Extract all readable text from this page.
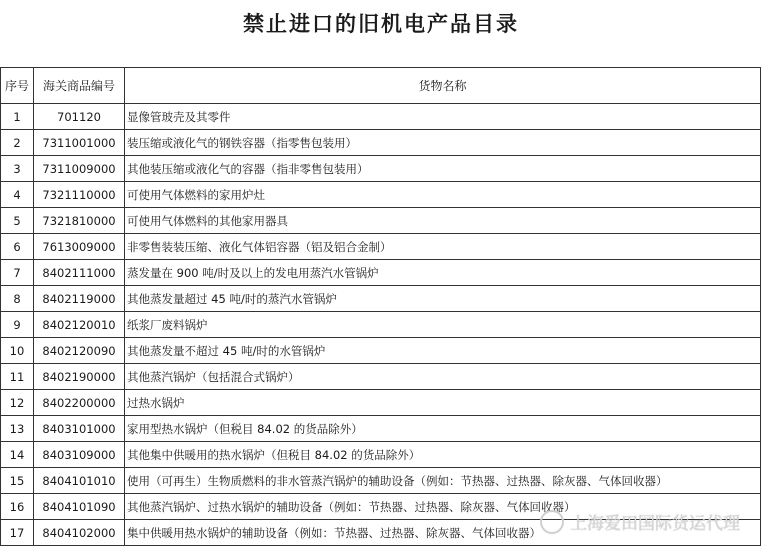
禁止进口的旧机电产品目录
序号	海关商品编号	货物名称
1	701120	显像管玻壳及其零件
2	7311001000	装压缩或液化气的钢铁容器（指零售包装用）
3	7311009000	其他装压缩或液化气的容器（指非零售包装用）
4	7321110000	可使用气体燃料的家用炉灶
5	7321810000	可使用气体燃料的其他家用器具
6	7613009000	非零售装装压缩、液化气体铝容器（铝及铝合金制）
7	8402111000	蒸发量在 900 吨/时及以上的发电用蒸汽水管锅炉
8	8402119000	其他蒸发量超过 45 吨/时的蒸汽水管锅炉
9	8402120010	纸浆厂废料锅炉
10	8402120090	其他蒸发量不超过 45 吨/时的水管锅炉
11	8402190000	其他蒸汽锅炉（包括混合式锅炉）
12	8402200000	过热水锅炉
13	8403101000	家用型热水锅炉（但税目 84.02 的货品除外）
14	8403109000	其他集中供暖用的热水锅炉（但税目 84.02 的货品除外）
15	8404101010	使用（可再生）生物质燃料的非水管蒸汽锅炉的辅助设备（例如：节热器、过热器、除灰器、气体回收器）
16	8404101090	其他蒸汽锅炉、过热水锅炉的辅助设备（例如：节热器、过热器、除灰器、气体回收器）
17	8404102000	集中供暖用热水锅炉的辅助设备（例如：节热器、过热器、除灰器、气体回收器） 上海爱田国际货运代理
